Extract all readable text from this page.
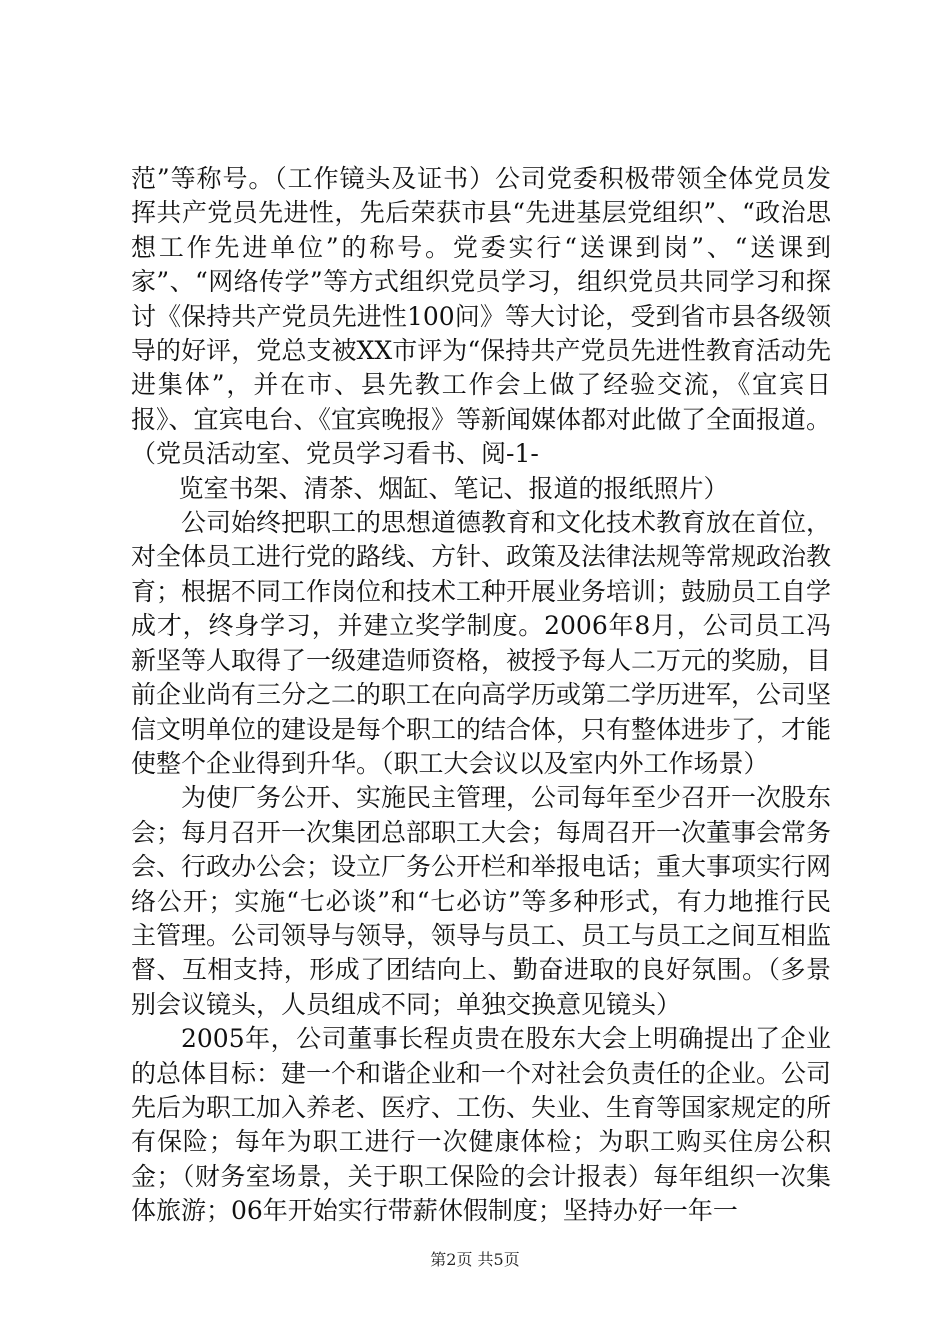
范”等称号。（工作镜头及证书）公司党委积极带领全体党员发挥共产党员先进性，先后荣获市县“先进基层党组织”、“政治思想工作先进单位”的称号。党委实行“送课到岗”、“送课到家”、“网络传学”等方式组织党员学习，组织党员共同学习和探讨《保持共产党员先进性100问》等大讨论，受到省市县各级领导的好评，党总支被XX市评为“保持共产党员先进性教育活动先进集体”，并在市、县先教工作会上做了经验交流，《宜宾日报》、宜宾电台、《宜宾晚报》等新闻媒体都对此做了全面报道。（党员活动室、党员学习看书、阅-1-

览室书架、清茶、烟缸、笔记、报道的报纸照片）

公司始终把职工的思想道德教育和文化技术教育放在首位，对全体员工进行党的路线、方针、政策及法律法规等常规政治教育；根据不同工作岗位和技术工种开展业务培训；鼓励员工自学成才，终身学习，并建立奖学制度。2006年8月，公司员工冯新坚等人取得了一级建造师资格，被授予每人二万元的奖励，目前企业尚有三分之二的职工在向高学历或第二学历进军，公司坚信文明单位的建设是每个职工的结合体，只有整体进步了，才能使整个企业得到升华。（职工大会议以及室内外工作场景）

为使厂务公开、实施民主管理，公司每年至少召开一次股东会；每月召开一次集团总部职工大会；每周召开一次董事会常务会、行政办公会；设立厂务公开栏和举报电话；重大事项实行网络公开；实施“七必谈”和“七必访”等多种形式，有力地推行民主管理。公司领导与领导，领导与员工、员工与员工之间互相监督、互相支持，形成了团结向上、勤奋进取的良好氛围。（多景别会议镜头，人员组成不同；单独交换意见镜头）

2005年，公司董事长程贞贵在股东大会上明确提出了企业的总体目标：建一个和谐企业和一个对社会负责任的企业。公司先后为职工加入养老、医疗、工伤、失业、生育等国家规定的所有保险；每年为职工进行一次健康体检；为职工购买住房公积金；（财务室场景，关于职工保险的会计报表）每年组织一次集体旅游；06年开始实行带薪休假制度；坚持办好一年一

第2页 共5页
